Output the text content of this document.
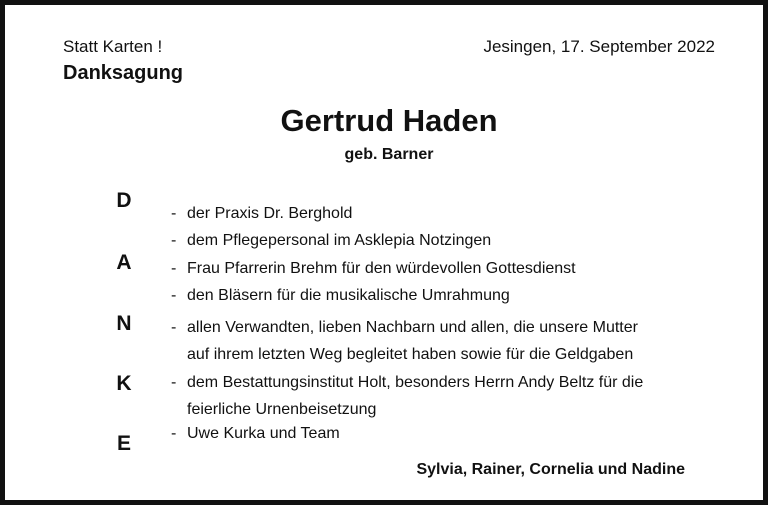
Statt Karten !	Jesingen, 17. September 2022
Danksagung
Gertrud Haden
geb. Barner
D
A
N
K
E
- der Praxis Dr. Berghold
- dem Pflegepersonal im Asklepia Notzingen
- Frau Pfarrerin Brehm für den würdevollen Gottesdienst
- den Bläsern für die musikalische Umrahmung
- allen Verwandten, lieben Nachbarn und allen, die unsere Mutter
auf ihrem letzten Weg begleitet haben sowie für die Geldgaben
- dem Bestattungsinstitut Holt, besonders Herrn Andy Beltz für die
feierliche Urnenbeisetzung
- Uwe Kurka und Team
Sylvia, Rainer, Cornelia und Nadine
